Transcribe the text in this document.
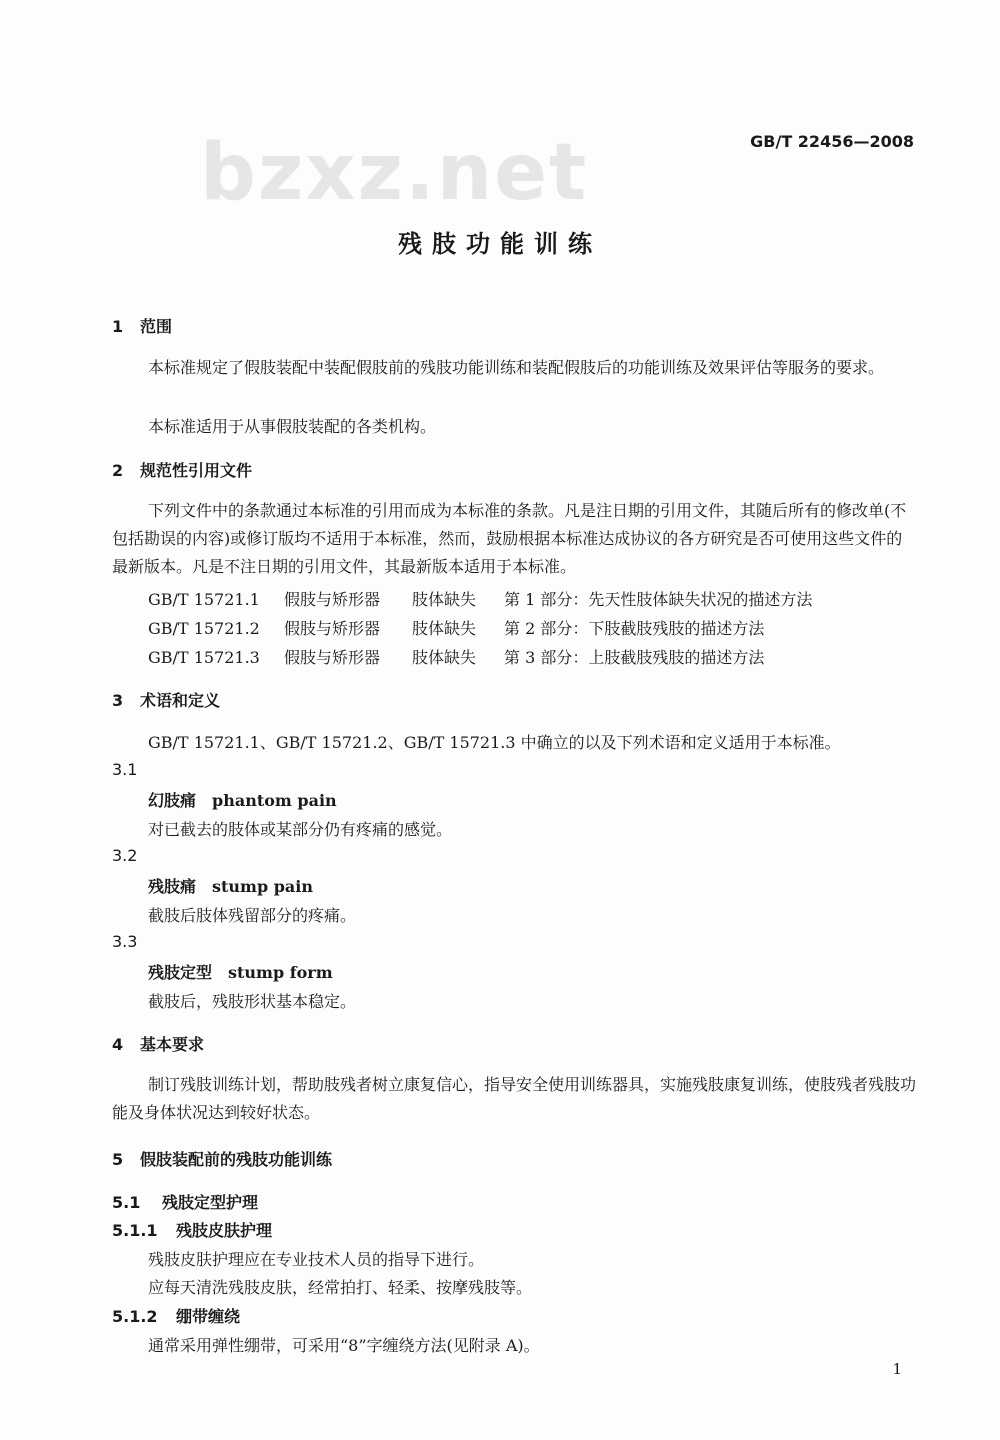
bzxz.net	GB/T 22456—2008
残肢功能训练
1 范围
本标准规定了假肢装配中装配假肢前的残肢功能训练和装配假肢后的功能训练及效果评估等服务的要求。
本标准适用于从事假肢装配的各类机构。
2 规范性引用文件
下列文件中的条款通过本标准的引用而成为本标准的条款。凡是注日期的引用文件，其随后所有的修改单(不包括勘误的内容)或修订版均不适用于本标准，然而，鼓励根据本标准达成协议的各方研究是否可使用这些文件的最新版本。凡是不注日期的引用文件，其最新版本适用于本标准。
GB/T 15721.1 假肢与矫形器 肢体缺失 第 1 部分：先天性肢体缺失状况的描述方法
GB/T 15721.2 假肢与矫形器 肢体缺失 第 2 部分：下肢截肢残肢的描述方法
GB/T 15721.3 假肢与矫形器 肢体缺失 第 3 部分：上肢截肢残肢的描述方法
3 术语和定义
GB/T 15721.1、GB/T 15721.2、GB/T 15721.3 中确立的以及下列术语和定义适用于本标准。
3.1
幻肢痛 phantom pain
对已截去的肢体或某部分仍有疼痛的感觉。
3.2
残肢痛 stump pain
截肢后肢体残留部分的疼痛。
3.3
残肢定型 stump form
截肢后，残肢形状基本稳定。
4 基本要求
制订残肢训练计划，帮助肢残者树立康复信心，指导安全使用训练器具，实施残肢康复训练，使肢残者残肢功能及身体状况达到较好状态。
5 假肢装配前的残肢功能训练
5.1 残肢定型护理
5.1.1 残肢皮肤护理
残肢皮肤护理应在专业技术人员的指导下进行。
应每天清洗残肢皮肤，经常拍打、轻柔、按摩残肢等。
5.1.2 绷带缠绕
通常采用弹性绷带，可采用“8”字缠绕方法(见附录 A)。
1
